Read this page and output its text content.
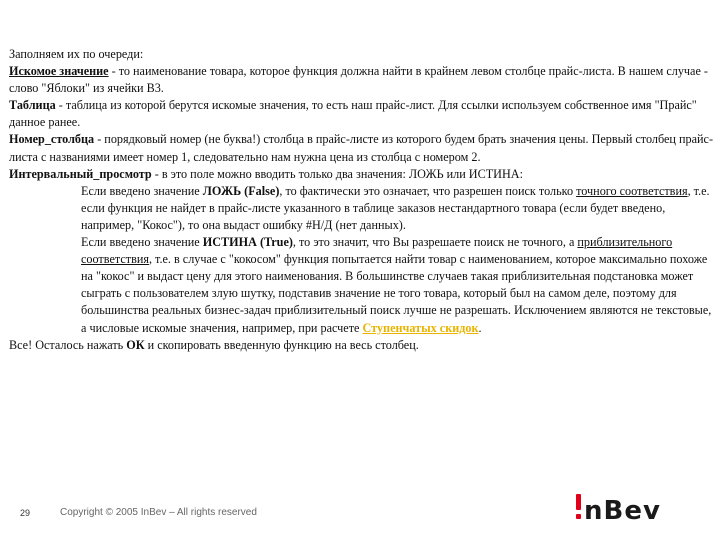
Заполняем их по очереди:

Искомое значение - то наименование товара, которое функция должна найти в крайнем левом столбце прайс-листа. В нашем случае - слово "Яблоки" из ячейки B3.

Таблица - таблица из которой берутся искомые значения, то есть наш прайс-лист. Для ссылки используем собственное имя "Прайс" данное ранее.

Номер_столбца - порядковый номер (не буква!) столбца в прайс-листе из которого будем брать значения цены. Первый столбец прайс-листа с названиями имеет номер 1, следовательно нам нужна цена из столбца с номером 2.

Интервальный_просмотр - в это поле можно вводить только два значения: ЛОЖЬ или ИСТИНА:

Если введено значение ЛОЖЬ (False), то фактически это означает, что разрешен поиск только точного соответствия, т.е. если функция не найдет в прайс-листе указанного в таблице заказов нестандартного товара (если будет введено, например, "Кокос"), то она выдаст ошибку #Н/Д (нет данных).

Если введено значение ИСТИНА (True), то это значит, что Вы разрешаете поиск не точного, а приблизительного соответствия, т.е. в случае с "кокосом" функция попытается найти товар с наименованием, которое максимально похоже на "кокос" и выдаст цену для этого наименования. В большинстве случаев такая приблизительная подстановка может сыграть с пользователем злую шутку, подставив значение не того товара, который был на самом деле, поэтому для большинства реальных бизнес-задач приблизительный поиск лучше не разрешать. Исключением являются не текстовые, а числовые искомые значения, например, при расчете Ступенчатых скидок.

Все! Осталось нажать ОК и скопировать введенную функцию на весь столбец.

29	Copyright © 2005 InBev – All rights reserved	nBev
